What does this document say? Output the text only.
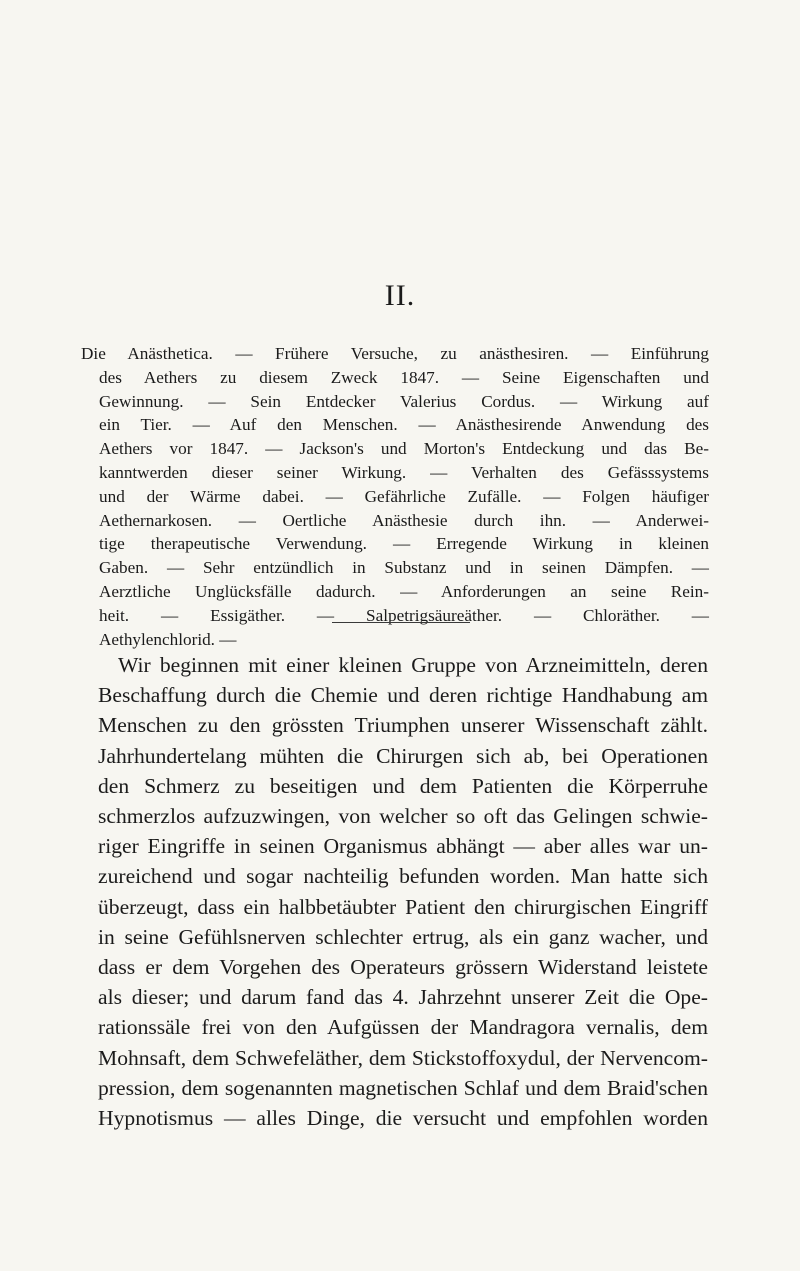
II.
Die Anästhetica. — Frühere Versuche, zu anästhesiren. — Einführung
des Aethers zu diesem Zweck 1847. — Seine Eigenschaften und
Gewinnung. — Sein Entdecker Valerius Cordus. — Wirkung auf
ein Tier. — Auf den Menschen. — Anästhesirende Anwendung des
Aethers vor 1847. — Jackson's und Morton's Entdeckung und das Be-
kanntwerden dieser seiner Wirkung. — Verhalten des Gefässsystems
und der Wärme dabei. — Gefährliche Zufälle. — Folgen häufiger
Aethernarkosen. — Oertliche Anästhesie durch ihn. — Anderwei-
tige therapeutische Verwendung. — Erregende Wirkung in kleinen
Gaben. — Sehr entzündlich in Substanz und in seinen Dämpfen. —
Aerztliche Unglücksfälle dadurch. — Anforderungen an seine Rein-
heit. — Essigäther. — Salpetrigsäureäther. — Chloräther. —
Aethylenchlorid. —
Wir beginnen mit einer kleinen Gruppe von Arzneimitteln, deren
Beschaffung durch die Chemie und deren richtige Handhabung am
Menschen zu den grössten Triumphen unserer Wissenschaft zählt.
Jahrhundertelang mühten die Chirurgen sich ab, bei Operationen
den Schmerz zu beseitigen und dem Patienten die Körperruhe
schmerzlos aufzuzwingen, von welcher so oft das Gelingen schwie-
riger Eingriffe in seinen Organismus abhängt — aber alles war un-
zureichend und sogar nachteilig befunden worden. Man hatte sich
überzeugt, dass ein halbbetäubter Patient den chirurgischen Eingriff
in seine Gefühlsnerven schlechter ertrug, als ein ganz wacher, und
dass er dem Vorgehen des Operateurs grössern Widerstand leistete
als dieser; und darum fand das 4. Jahrzehnt unserer Zeit die Ope-
rationssäle frei von den Aufgüssen der Mandragora vernalis, dem
Mohnsaft, dem Schwefeläther, dem Stickstoffoxydul, der Nervencom-
pression, dem sogenannten magnetischen Schlaf und dem Braid'schen
Hypnotismus — alles Dinge, die versucht und empfohlen worden
